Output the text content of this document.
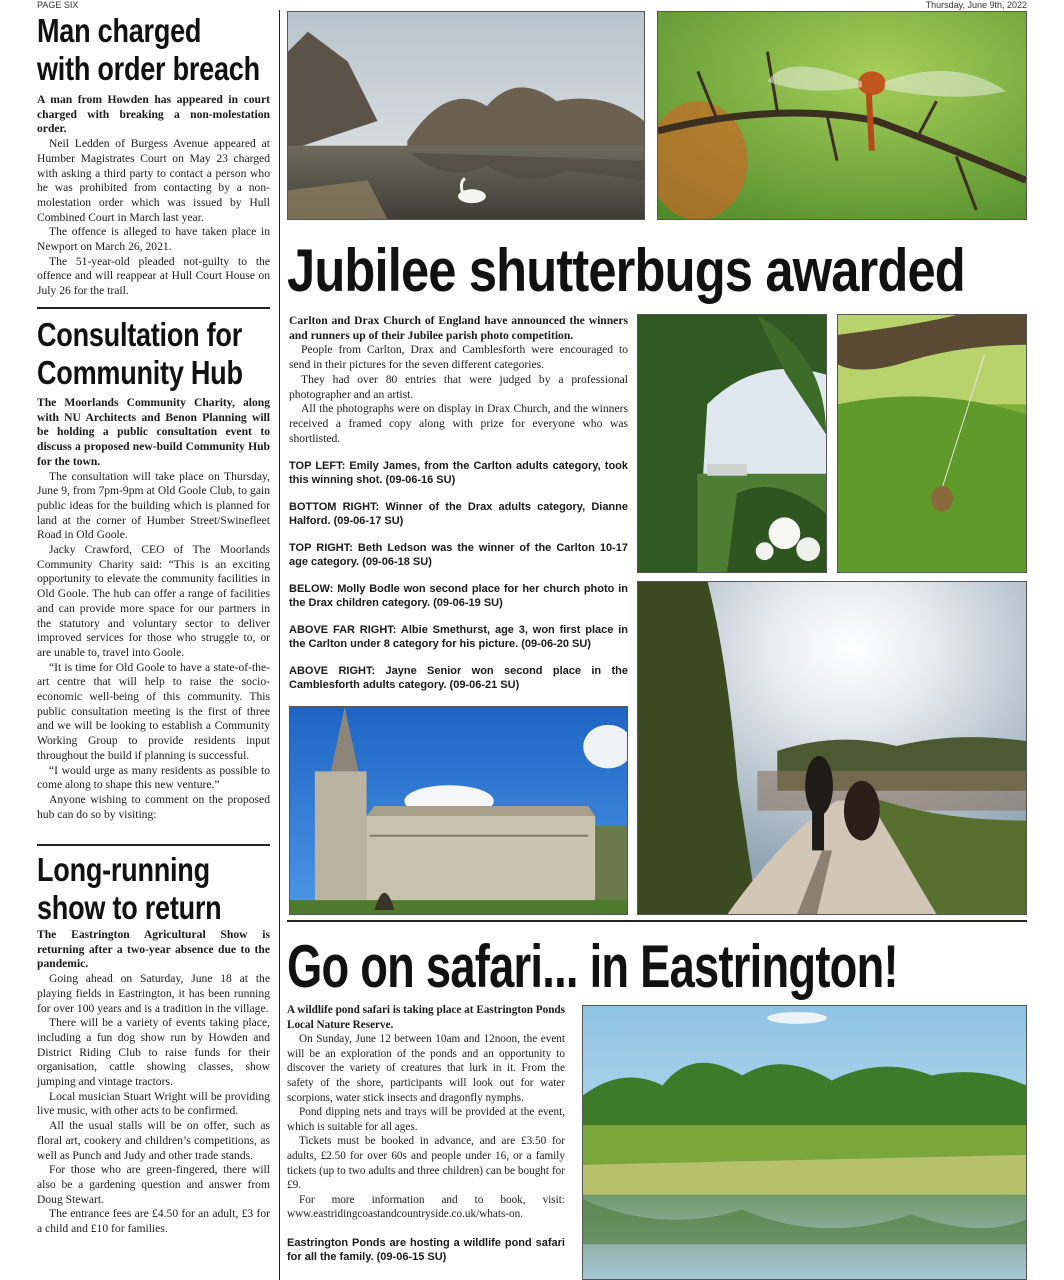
PAGE SIX	Thursday, June 9th, 2022
Man charged
with order breach

A man from Howden has appeared in court charged with breaking a non-molestation order.

Neil Ledden of Burgess Avenue appeared at Humber Magistrates Court on May 23 charged with asking a third party to contact a person who he was prohibited from contacting by a non-molestation order which was issued by Hull Combined Court in March last year.

The offence is alleged to have taken place in Newport on March 26, 2021.

The 51-year-old pleaded not-guilty to the offence and will reappear at Hull Court House on July 26 for the trail.

Consultation for
Community Hub

The Moorlands Community Charity, along with NU Architects and Benon Planning will be holding a public consultation event to discuss a proposed new-build Community Hub for the town.

The consultation will take place on Thursday, June 9, from 7pm-9pm at Old Goole Club, to gain public ideas for the building which is planned for land at the corner of Humber Street/Swinefleet Road in Old Goole.

Jacky Crawford, CEO of The Moorlands Community Charity said: “This is an exciting opportunity to elevate the community facilities in Old Goole. The hub can offer a range of facilities and can provide more space for our partners in the statutory and voluntary sector to deliver improved services for those who struggle to, or are unable to, travel into Goole.

“It is time for Old Goole to have a state-of-the-art centre that will help to raise the socio-economic well-being of this community. This public consultation meeting is the first of three and we will be looking to establish a Community Working Group to provide residents input throughout the build if planning is successful.

“I would urge as many residents as possible to come along to shape this new venture.”

Anyone wishing to comment on the proposed hub can do so by visiting:

Long-running
show to return

The Eastrington Agricultural Show is returning after a two-year absence due to the pandemic.

Going ahead on Saturday, June 18 at the playing fields in Eastrington, it has been running for over 100 years and is a tradition in the village.

There will be a variety of events taking place, including a fun dog show run by Howden and District Riding Club to raise funds for their organisation, cattle showing classes, show jumping and vintage tractors.

Local musician Stuart Wright will be providing live music, with other acts to be confirmed.

All the usual stalls will be on offer, such as floral art, cookery and children’s competitions, as well as Punch and Judy and other trade stands.

For those who are green-fingered, there will also be a gardening question and answer from Doug Stewart.

The entrance fees are £4.50 for an adult, £3 for a child and £10 for families.

Jubilee shutterbugs awarded

Carlton and Drax Church of England have announced the winners and runners up of their Jubilee parish photo competition.

People from Carlton, Drax and Camblesforth were encouraged to send in their pictures for the seven different categories.

They had over 80 entries that were judged by a professional photographer and an artist.

All the photographs were on display in Drax Church, and the winners received a framed copy along with prize for everyone who was shortlisted.

TOP LEFT: Emily James, from the Carlton adults category, took this winning shot. (09-06-16 SU)

BOTTOM RIGHT: Winner of the Drax adults category, Dianne Halford. (09-06-17 SU)

TOP RIGHT: Beth Ledson was the winner of the Carlton 10-17 age category. (09-06-18 SU)

BELOW: Molly Bodle won second place for her church photo in the Drax children category. (09-06-19 SU)

ABOVE FAR RIGHT: Albie Smethurst, age 3, won first place in the Carlton under 8 category for his picture. (09-06-20 SU)

ABOVE RIGHT: Jayne Senior won second place in the Camblesforth adults category. (09-06-21 SU)

Go on safari... in Eastrington!

A wildlife pond safari is taking place at Eastrington Ponds Local Nature Reserve.

On Sunday, June 12 between 10am and 12noon, the event will be an exploration of the ponds and an opportunity to discover the variety of creatures that lurk in it. From the safety of the shore, participants will look out for water scorpions, water stick insects and dragonfly nymphs.

Pond dipping nets and trays will be provided at the event, which is suitable for all ages.

Tickets must be booked in advance, and are £3.50 for adults, £2.50 for over 60s and people under 16, or a family tickets (up to two adults and three children) can be bought for £9.

For more information and to book, visit: www.eastridingcoastandcountryside.co.uk/whats-on.

Eastrington Ponds are hosting a wildlife pond safari for all the family. (09-06-15 SU)
